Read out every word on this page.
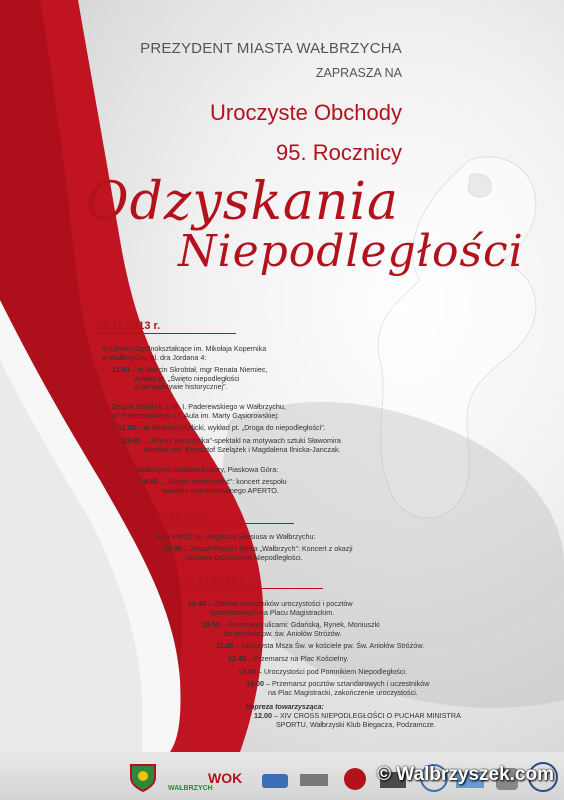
PREZYDENT MIASTA WAŁBRZYCHA
ZAPRASZA NA
Uroczyste Obchody
95. Rocznicy
Odzyskania
Niepodległości
08.11.2013 r.
III Liceum Ogólnokształcące im. Mikołaja Kopernika
w Wałbrzychu, ul. dra Jordana 4:
11.00 – dr Marcin Skrobtał, mgr Renata Niemiec,
wykład pt. „Święto niepodległości
w perspektywie historycznej”.
Zespół Szkół Nr 1 im. I. Paderewskiego w Wałbrzychu,
ul. Paderewskiego 17, Aula im. Marty Gąsiorowskiej:
11.00 – dr Wojciech Kalicki, wykład pt. „Droga do niepodległości”.
13.00 – „Śmierć porucznika”-spektakl na motywach sztuki Sławomira
Mrożka, reż. Krzysztof Szelążek i Magdalena Ilnicka-Janczak.
Wałbrzyski Ośrodek Kultury, Piaskowa Góra:
18.00 – „Białym orłem wzleć”: koncert zespołu
wokalno-instrumentalnego APERTO.
09.11.2013 r.
Aula PWSZ im. Angelusa Silesiusa w Wałbrzychu:
17.00 – Zespół Pieśni i Tańca „Wałbrzych”: Koncert z okazji
rocznicy Odzyskania Niepodległości.
11.11.2013 r.
10.45 – Zbiórka uczestników uroczystości i pocztów
sztandarowych na Placu Magistrackim.
10.50 – Przemarsz ulicami: Gdańską, Rynek, Moniuszki
do kościoła pw. św. Aniołów Stróżów.
11.00 – Uroczysta Msza Św. w kościele pw. Św. Aniołów Stróżów.
12.45 – Przemarsz na Plac Kościelny.
13.00 – Uroczystości pod Pomnikiem Niepodległości.
14.00 – Przemarsz pocztów sztandarowych i uczestników
na Plac Magistracki, zakończenie uroczystości.
Impreza towarzysząca:
12.00 – XIV CROSS NIEPODLEGŁOŚCI O PUCHAR MINISTRA
SPORTU, Wałbrzyski Klub Biegacza, Podzamcze.
WAŁBRZYCH
WOK	© Walbrzyszek.com
